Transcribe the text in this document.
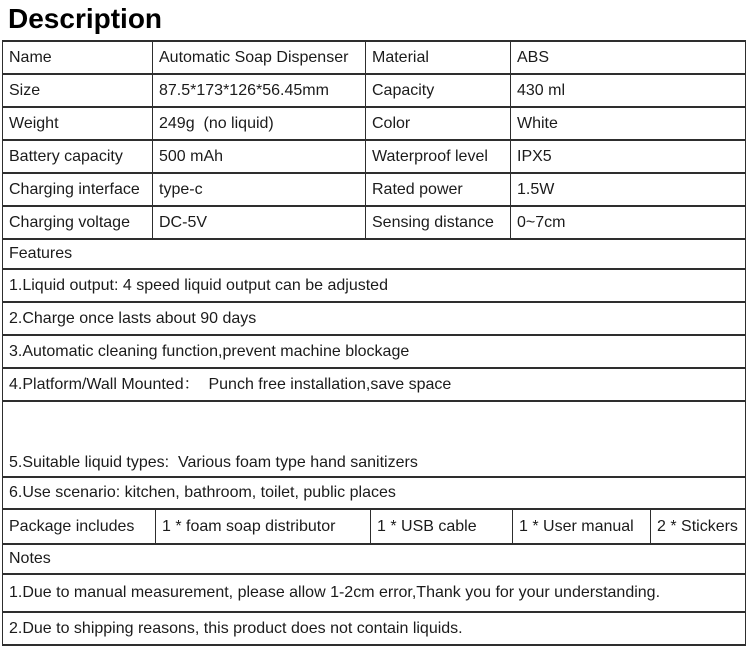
Description
Name	Automatic Soap Dispenser	Material	ABS
Size	87.5*173*126*56.45mm	Capacity	430 ml
Weight	249g  (no liquid)	Color	White
Battery capacity	500 mAh	Waterproof level	IPX5
Charging interface	type-c	Rated power	1.5W
Charging voltage	DC-5V	Sensing distance	0~7cm
Features
1.Liquid output: 4 speed liquid output can be adjusted
2.Charge once lasts about 90 days
3.Automatic cleaning function,prevent machine blockage
4.Platform/Wall Mounted：  Punch free installation,save space

5.Suitable liquid types:  Various foam type hand sanitizers

6.Use scenario: kitchen, bathroom, toilet, public places
Package includes	1 * foam soap distributor	1 * USB cable	1 * User manual	2 * Stickers
Notes
1.Due to manual measurement, please allow 1-2cm error,Thank you for your understanding.
2.Due to shipping reasons, this product does not contain liquids.
